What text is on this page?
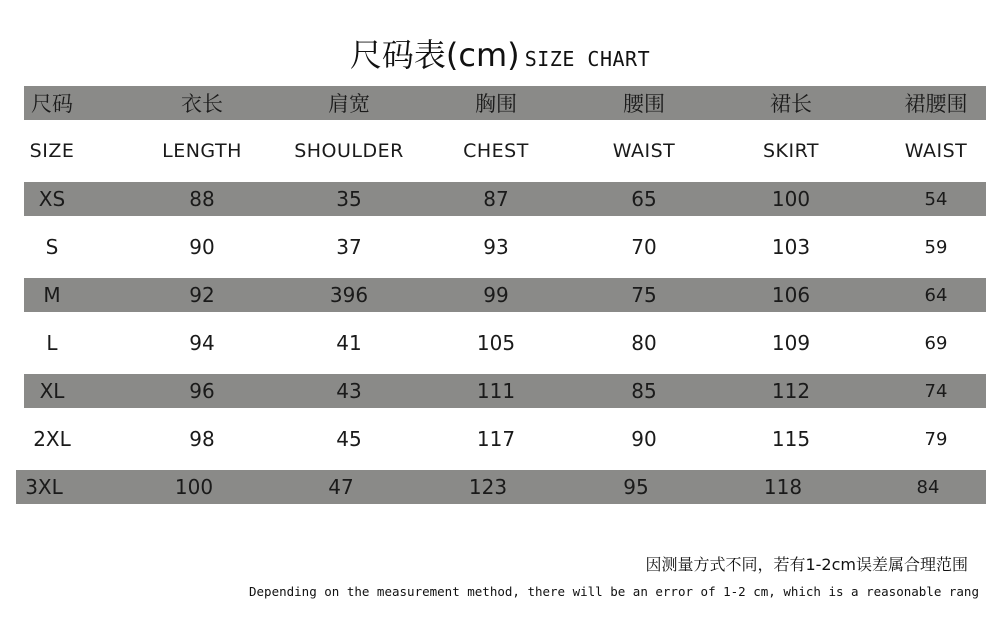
尺码表(cm) SIZE CHART
尺码	衣长	肩宽	胸围	腰围	裙长	裙腰围
SIZE	LENGTH	SHOULDER	CHEST	WAIST	SKIRT	WAIST
XS	88	35	87	65	100	54
S	90	37	93	70	103	59
M	92	396	99	75	106	64
L	94	41	105	80	109	69
XL	96	43	111	85	112	74
2XL	98	45	117	90	115	79
3XL	100	47	123	95	118	84
因测量方式不同，若有1-2cm误差属合理范围
Depending on the measurement method, there will be an error of 1-2 cm, which is a reasonable rang
